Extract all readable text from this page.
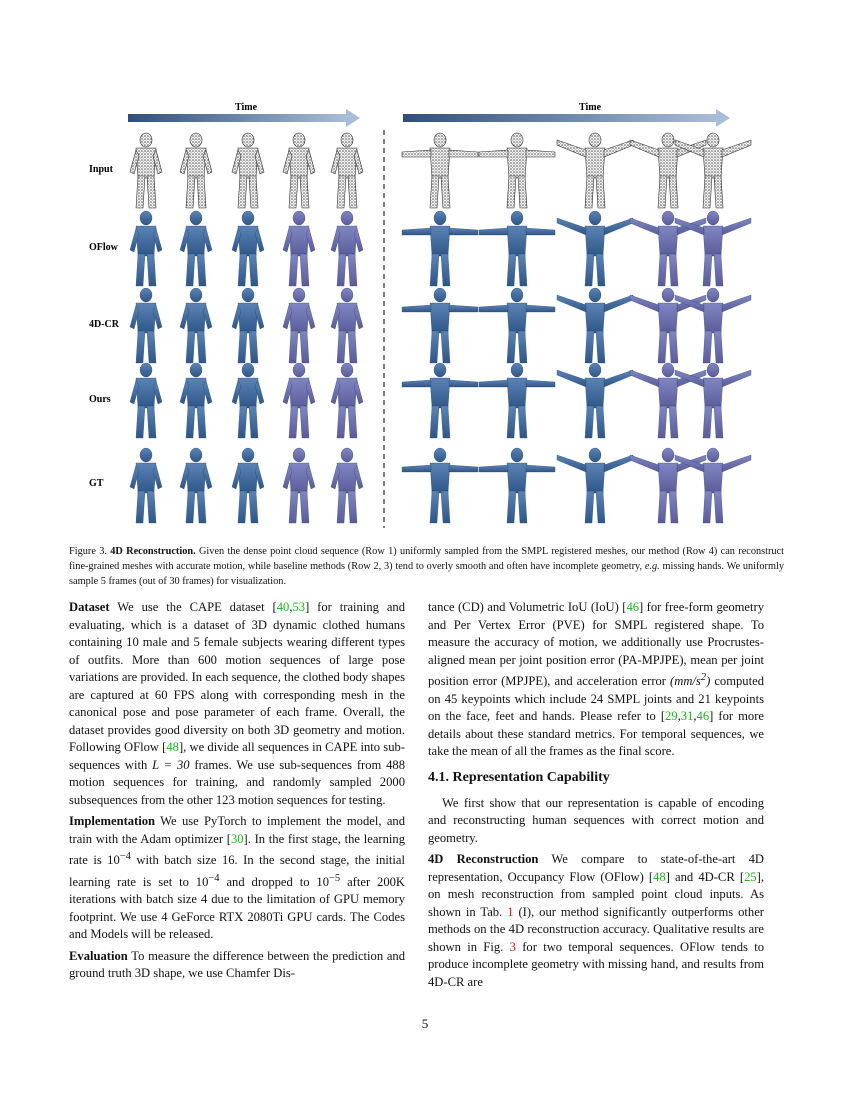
Time	Time
Input
OFlow
4D-CR
Ours
GT
Figure 3. 4D Reconstruction. Given the dense point cloud sequence (Row 1) uniformly sampled from the SMPL registered meshes, our method (Row 4) can reconstruct fine-grained meshes with accurate motion, while baseline methods (Row 2, 3) tend to overly smooth and often have incomplete geometry, e.g. missing hands. We uniformly sample 5 frames (out of 30 frames) for visualization.

Dataset We use the CAPE dataset [40,53] for training and evaluating, which is a dataset of 3D dynamic clothed humans containing 10 male and 5 female subjects wearing different types of outfits. More than 600 motion sequences of large pose variations are provided. In each sequence, the clothed body shapes are captured at 60 FPS along with corresponding mesh in the canonical pose and pose parameter of each frame. Overall, the dataset provides good diversity on both 3D geometry and motion. Following OFlow [48], we divide all sequences in CAPE into sub-sequences with L = 30 frames. We use sub-sequences from 488 motion sequences for training, and randomly sampled 2000 subsequences from the other 123 motion sequences for testing.

Implementation We use PyTorch to implement the model, and train with the Adam optimizer [30]. In the first stage, the learning rate is $10^{-4}$ with batch size 16. In the second stage, the initial learning rate is set to $10^{-4}$ and dropped to $10^{-5}$ after 200K iterations with batch size 4 due to the limitation of GPU memory footprint. We use 4 GeForce RTX 2080Ti GPU cards. The Codes and Models will be released.

Evaluation To measure the difference between the prediction and ground truth 3D shape, we use Chamfer Dis-

tance (CD) and Volumetric IoU (IoU) [46] for free-form geometry and Per Vertex Error (PVE) for SMPL registered shape. To measure the accuracy of motion, we additionally use Procrustes-aligned mean per joint position error (PA-MPJPE), mean per joint position error (MPJPE), and acceleration error $(mm/s^2)$ computed on 45 keypoints which include 24 SMPL joints and 21 keypoints on the face, feet and hands. Please refer to [29,31,46] for more details about these standard metrics. For temporal sequences, we take the mean of all the frames as the final score.

4.1. Representation Capability

We first show that our representation is capable of encoding and reconstructing human sequences with correct motion and geometry.

4D Reconstruction We compare to state-of-the-art 4D representation, Occupancy Flow (OFlow) [48] and 4D-CR [25], on mesh reconstruction from sampled point cloud inputs. As shown in Tab. 1 (I), our method significantly outperforms other methods on the 4D reconstruction accuracy. Qualitative results are shown in Fig. 3 for two temporal sequences. OFlow tends to produce incomplete geometry with missing hand, and results from 4D-CR are

5
